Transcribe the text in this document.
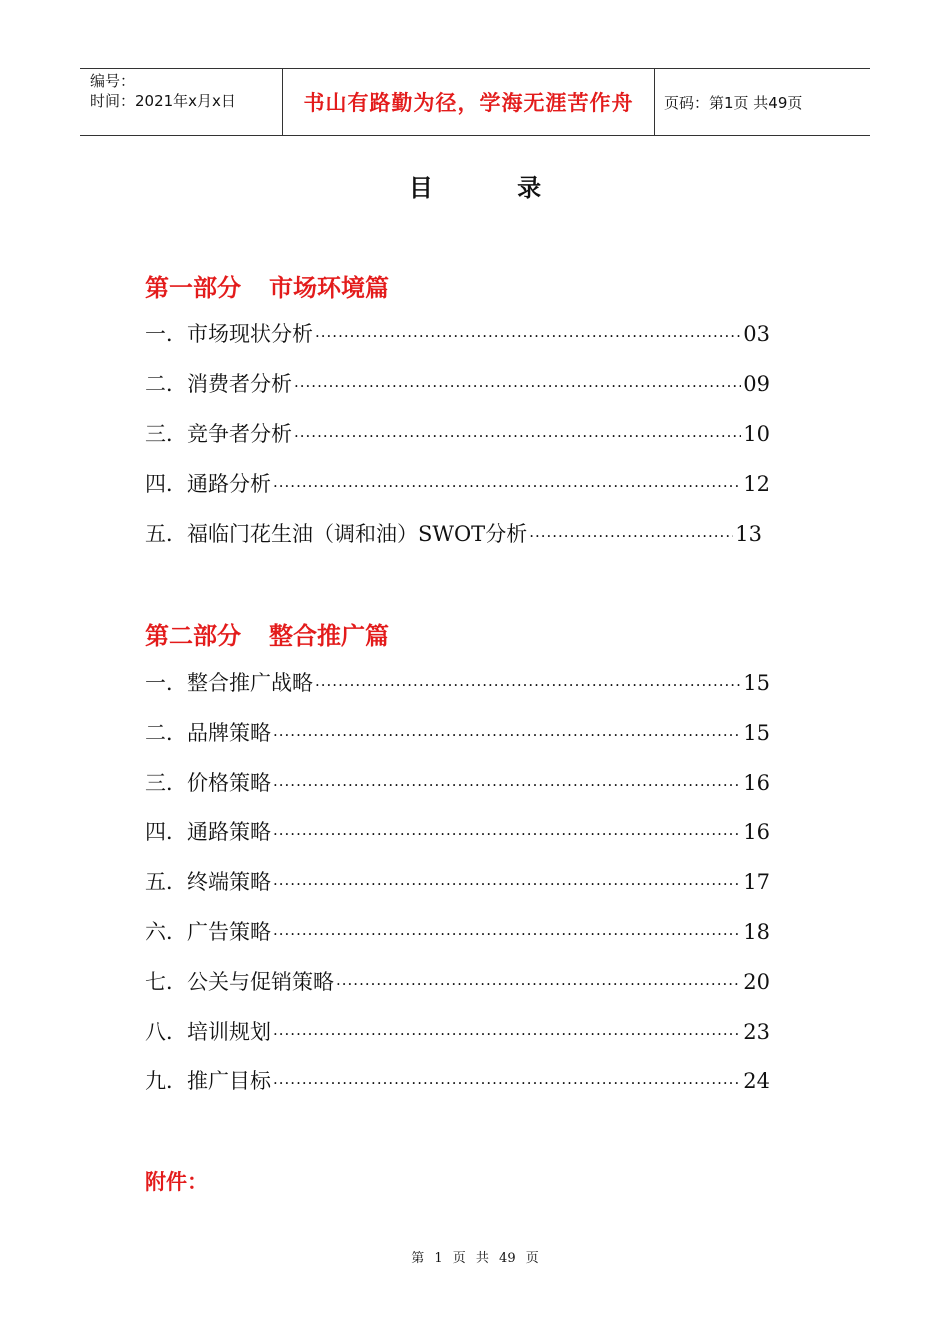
编号：
时间：2021年x月x日	书山有路勤为径，学海无涯苦作舟	页码：第1页 共49页
目 录
第一部分 市场环境篇
一．市场现状分析 ·····	03
二．消费者分析 ·····	09
三．竞争者分析 ·····	10
四．通路分析 ·····	12
五．福临门花生油（调和油）SWOT分析 ·····	13
第二部分 整合推广篇
一．整合推广战略 ·····	15
二．品牌策略 ·····	15
三．价格策略 ·····	16
四．通路策略 ·····	16
五．终端策略 ·····	17
六．广告策略 ·····	18
七．公关与促销策略 ·····	20
八．培训规划 ·····	23
九．推广目标 ·····	24
附件：
第 1 页 共 49 页
